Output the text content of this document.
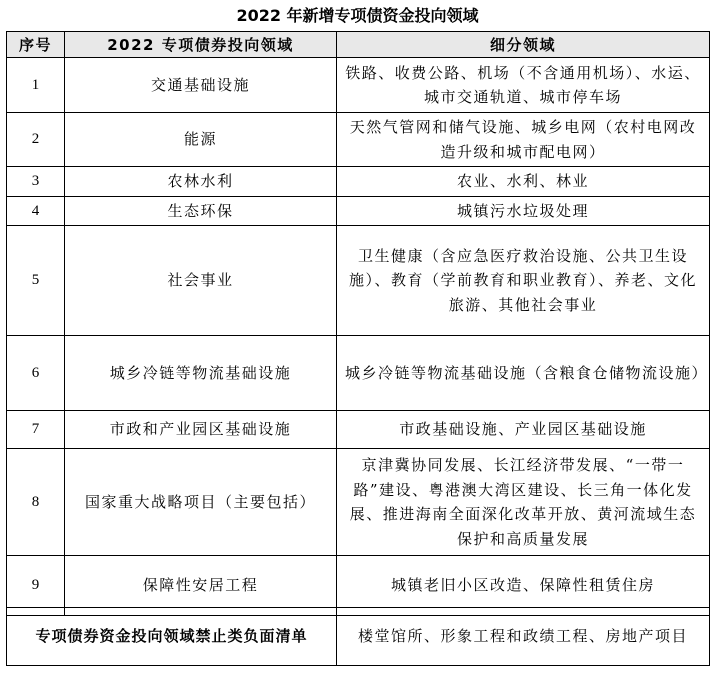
2022 年新增专项债资金投向领域
序号	2022 专项债券投向领域	细分领域
1	交通基础设施	铁路、收费公路、机场（不含通用机场）、水运、城市交通轨道、城市停车场
2	能源	天然气管网和储气设施、城乡电网（农村电网改造升级和城市配电网）
3	农林水利	农业、水利、林业
4	生态环保	城镇污水垃圾处理
5	社会事业	卫生健康（含应急医疗救治设施、公共卫生设施）、教育（学前教育和职业教育）、养老、文化旅游、其他社会事业
6	城乡冷链等物流基础设施	城乡冷链等物流基础设施（含粮食仓储物流设施）
7	市政和产业园区基础设施	市政基础设施、产业园区基础设施
8	国家重大战略项目（主要包括）	京津冀协同发展、长江经济带发展、“一带一路”建设、粤港澳大湾区建设、长三角一体化发展、推进海南全面深化改革开放、黄河流域生态保护和高质量发展
9	保障性安居工程	城镇老旧小区改造、保障性租赁住房
专项债券资金投向领域禁止类负面清单	楼堂馆所、形象工程和政绩工程、房地产项目
